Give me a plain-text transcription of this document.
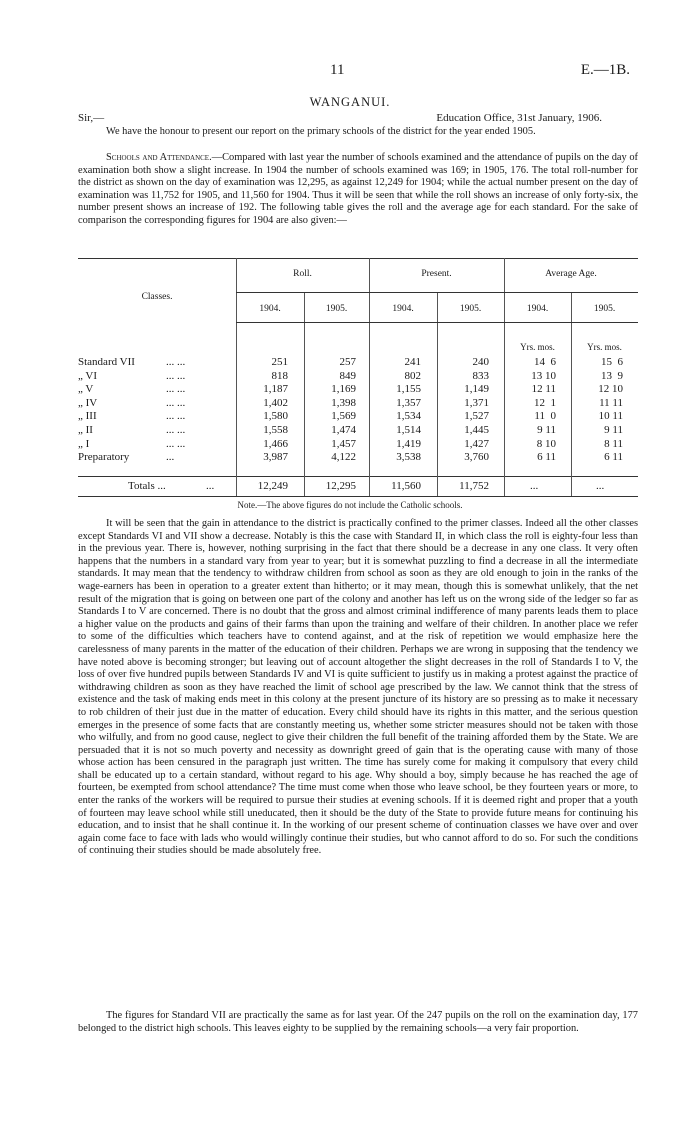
11	E.—1B.
WANGANUI.
Sir,—	Education Office, 31st January, 1906.

We have the honour to present our report on the primary schools of the district for the year ended 1905.

Schools and Attendance.—Compared with last year the number of schools examined and the attendance of pupils on the day of examination both show a slight increase. In 1904 the number of schools examined was 169; in 1905, 176. The total roll-number for the district as shown on the day of examination was 12,295, as against 12,249 for 1904; while the actual number present on the day of examination was 11,752 for 1905, and 11,560 for 1904. Thus it will be seen that while the roll shows an increase of only forty-six, the number present shows an increase of 192. The following table gives the roll and the average age for each standard. For the sake of comparison the corresponding figures for 1904 are also given:—

Classes.
Roll.	Present.	Average Age.
1904.	1905.	1904.	1905.	1904.	1905.
Yrs. mos.	Yrs. mos.
Standard VII	... ...	251	257	241	240	14  6	15  6
„ VI	... ...	818	849	802	833	13 10	13  9
„ V	... ...	1,187	1,169	1,155	1,149	12 11	12 10
„ IV	... ...	1,402	1,398	1,357	1,371	12  1	11 11
„ III	... ...	1,580	1,569	1,534	1,527	11  0	10 11
„ II	... ...	1,558	1,474	1,514	1,445	9 11	9 11
„ I	... ...	1,466	1,457	1,419	1,427	8 10	8 11
Preparatory	...	3,987	4,122	3,538	3,760	6 11	6 11
Totals ...	...	12,249	12,295	11,560	11,752	...	...
Note.—The above figures do not include the Catholic schools.

It will be seen that the gain in attendance to the district is practically confined to the primer classes. Indeed all the other classes except Standards VI and VII show a decrease. Notably is this the case with Standard II, in which class the roll is eighty-four less than in the previous year. There is, however, nothing surprising in the fact that there should be a decrease in any one class. It very often happens that the numbers in a standard vary from year to year; but it is somewhat puzzling to find a decrease in all the intermediate standards. It may mean that the tendency to withdraw children from school as soon as they are old enough to join in the ranks of the wage-earners has been in operation to a greater extent than hitherto; or it may mean, though this is somewhat unlikely, that the net result of the migration that is going on between one part of the colony and another has left us on the wrong side of the ledger so far as Standards I to V are concerned. There is no doubt that the gross and almost criminal indifference of many parents leads them to place a higher value on the products and gains of their farms than upon the training and welfare of their children. In another place we refer to some of the difficulties which teachers have to contend against, and at the risk of repetition we would emphasize here the carelessness of many parents in the matter of the education of their children. Perhaps we are wrong in supposing that the tendency we have noted above is becoming stronger; but leaving out of account altogether the slight decreases in the roll of Standards I to V, the loss of over five hundred pupils between Standards IV and VI is quite sufficient to justify us in making a protest against the practice of withdrawing children as soon as they have reached the limit of school age prescribed by the law. We cannot think that the stress of existence and the task of making ends meet in this colony at the present juncture of its history are so pressing as to make it necessary to rob children of their just due in the matter of education. Every child should have its rights in this matter, and the serious question emerges in the presence of some facts that are constantly meeting us, whether some stricter measures should not be taken with those who wilfully, and from no good cause, neglect to give their children the full benefit of the training afforded them by the State. We are persuaded that it is not so much poverty and necessity as downright greed of gain that is the operating cause with many of those whose action has been censured in the paragraph just written. The time has surely come for making it compulsory that every child shall be educated up to a certain standard, without regard to his age. Why should a boy, simply because he has reached the age of fourteen, be exempted from school attendance? The time must come when those who leave school, be they fourteen years or more, to enter the ranks of the workers will be required to pursue their studies at evening schools. If it is deemed right and proper that a youth of fourteen may leave school while still uneducated, then it should be the duty of the State to provide future means for continuing his education, and to insist that he shall continue it. In the working of our present scheme of continuation classes we have over and over again come face to face with lads who would willingly continue their studies, but who cannot afford to do so. For such the conditions of continuing their studies should be made absolutely free.

The figures for Standard VII are practically the same as for last year. Of the 247 pupils on the roll on the examination day, 177 belonged to the district high schools. This leaves eighty to be supplied by the remaining schools—a very fair proportion.
